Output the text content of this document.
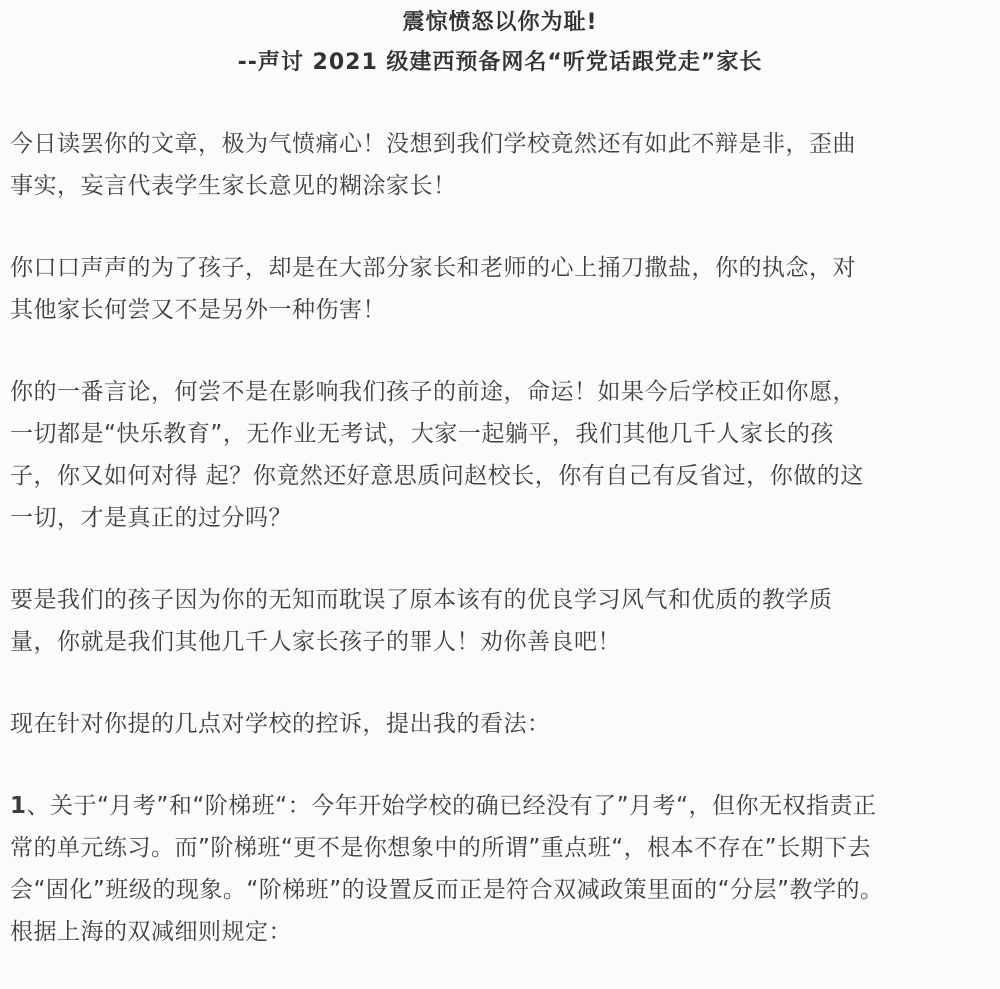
震惊愤怒以你为耻!
--声讨 2021 级建西预备网名“听党话跟党走”家长

今日读罢你的文章，极为气愤痛心！没想到我们学校竟然还有如此不辩是非，歪曲
事实，妄言代表学生家长意见的糊涂家长！

你口口声声的为了孩子，却是在大部分家长和老师的心上捅刀撒盐，你的执念，对
其他家长何尝又不是另外一种伤害！

你的一番言论，何尝不是在影响我们孩子的前途，命运！如果今后学校正如你愿，
一切都是“快乐教育”，无作业无考试，大家一起躺平，我们其他几千人家长的孩
子，你又如何对得 起？你竟然还好意思质问赵校长，你有自己有反省过，你做的这
一切，才是真正的过分吗？

要是我们的孩子因为你的无知而耽误了原本该有的优良学习风气和优质的教学质
量，你就是我们其他几千人家长孩子的罪人！劝你善良吧！

现在针对你提的几点对学校的控诉，提出我的看法：

1、关于“月考”和“阶梯班“：今年开始学校的确已经没有了”月考“，但你无权指责正
常的单元练习。而”阶梯班“更不是你想象中的所谓”重点班“，根本不存在”长期下去
会“固化”班级的现象。“阶梯班”的设置反而正是符合双减政策里面的“分层”教学的。
根据上海的双减细则规定：
